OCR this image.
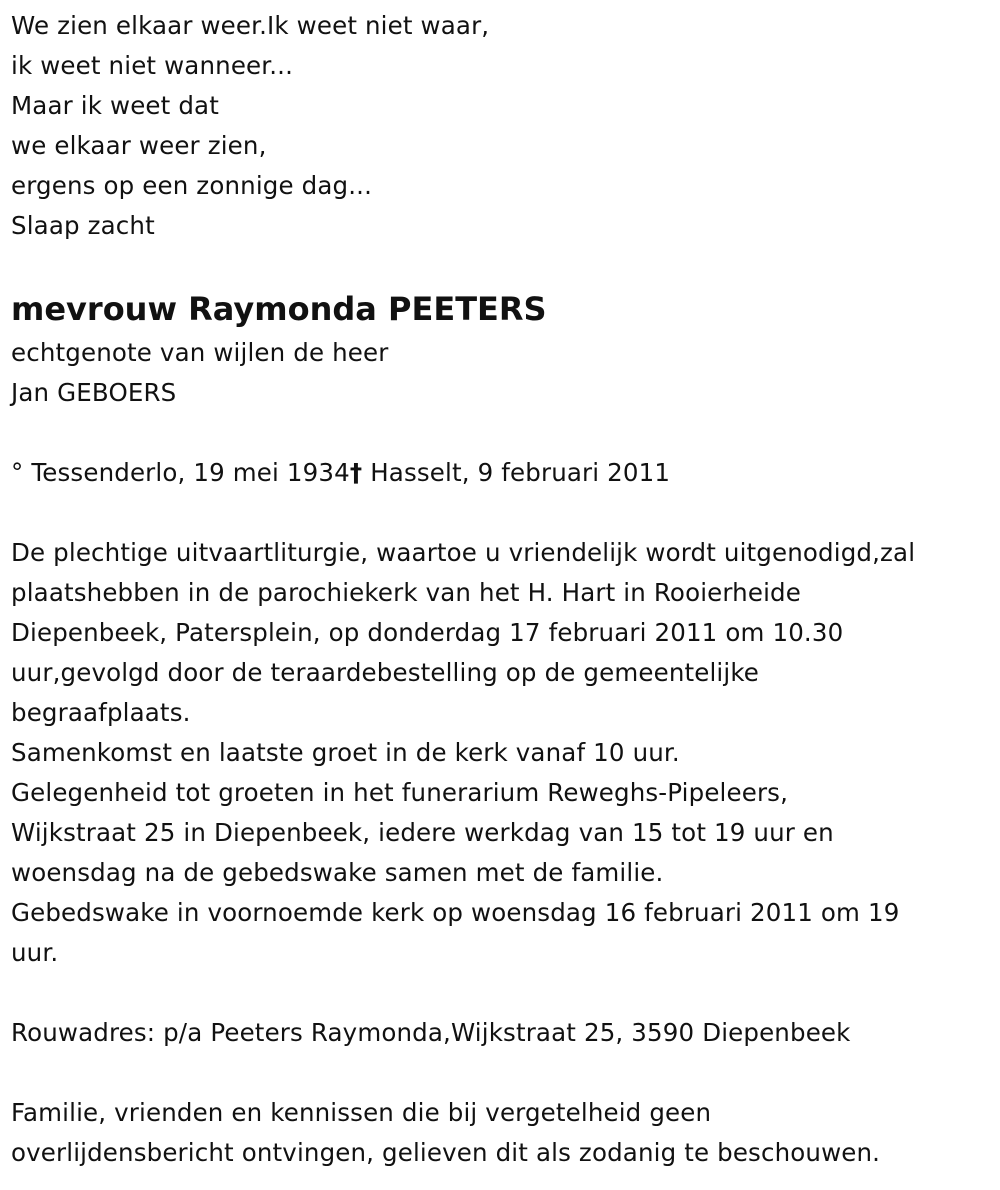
We zien elkaar weer.Ik weet niet waar,
ik weet niet wanneer...
Maar ik weet dat
we elkaar weer zien,
ergens op een zonnige dag...
Slaap zacht
mevrouw Raymonda PEETERS
echtgenote van wijlen de heer
Jan GEBOERS
° Tessenderlo, 19 mei 1934† Hasselt, 9 februari 2011
De plechtige uitvaartliturgie, waartoe u vriendelijk wordt uitgenodigd,zal
plaatshebben in de parochiekerk van het H. Hart in Rooierheide
Diepenbeek, Patersplein, op donderdag 17 februari 2011 om 10.30
uur,gevolgd door de teraardebestelling op de gemeentelijke
begraafplaats.
Samenkomst en laatste groet in de kerk vanaf 10 uur.
Gelegenheid tot groeten in het funerarium Reweghs-Pipeleers,
Wijkstraat 25 in Diepenbeek, iedere werkdag van 15 tot 19 uur en
woensdag na de gebedswake samen met de familie.
Gebedswake in voornoemde kerk op woensdag 16 februari 2011 om 19
uur.
Rouwadres: p/a Peeters Raymonda,Wijkstraat 25, 3590 Diepenbeek
Familie, vrienden en kennissen die bij vergetelheid geen
overlijdensbericht ontvingen, gelieven dit als zodanig te beschouwen.
